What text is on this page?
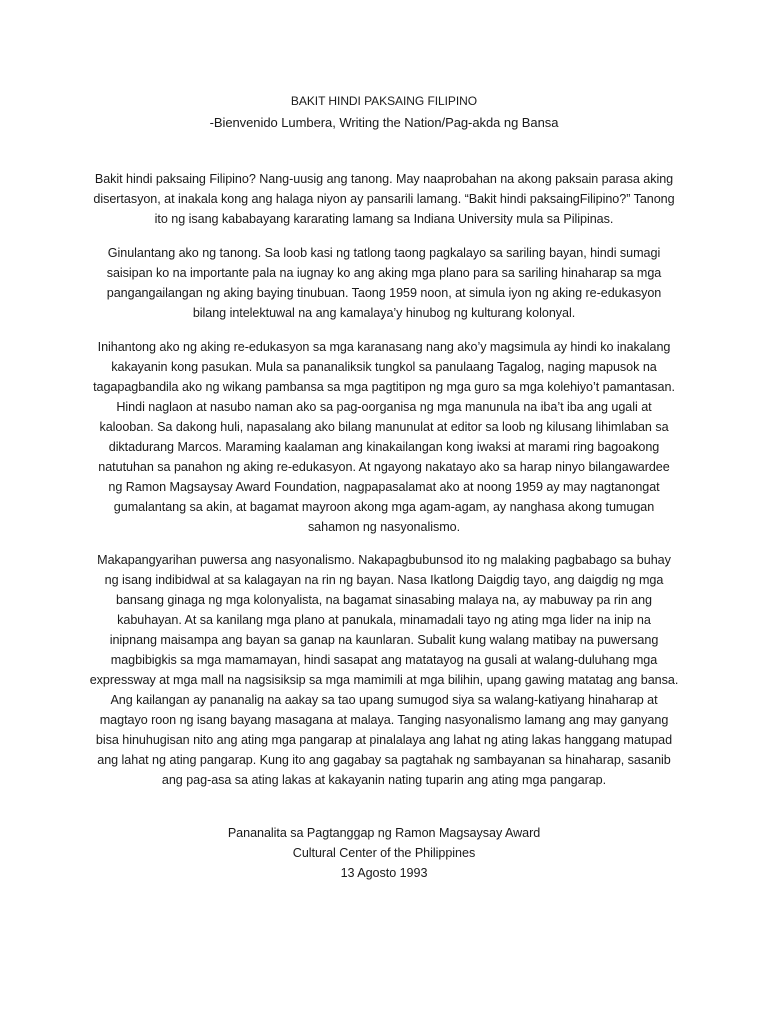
BAKIT HINDI PAKSAING FILIPINO
-Bienvenido Lumbera, Writing the Nation/Pag-akda ng Bansa
Bakit hindi paksaing Filipino? Nang-uusig ang tanong. May naaprobahan na akong paksain parasa aking
disertasyon, at inakala kong ang halaga niyon ay pansarili lamang. “Bakit hindi paksaingFilipino?” Tanong
ito ng isang kababayang kararating lamang sa Indiana University mula sa Pilipinas.
Ginulantang ako ng tanong. Sa loob kasi ng tatlong taong pagkalayo sa sariling bayan, hindi sumagi
saisipan ko na importante pala na iugnay ko ang aking mga plano para sa sariling hinaharap sa mga
pangangailangan ng aking baying tinubuan. Taong 1959 noon, at simula iyon ng aking re-edukasyon
bilang intelektuwal na ang kamalaya’y hinubog ng kulturang kolonyal.
Inihantong ako ng aking re-edukasyon sa mga karanasang nang ako’y magsimula ay hindi ko inakalang
kakayanin kong pasukan. Mula sa pananaliksik tungkol sa panulaang Tagalog, naging mapusok na
tagapagbandila ako ng wikang pambansa sa mga pagtitipon ng mga guro sa mga kolehiyo’t pamantasan.
Hindi naglaon at nasubo naman ako sa pag-oorganisa ng mga manunula na iba’t iba ang ugali at
kalooban. Sa dakong huli, napasalang ako bilang manunulat at editor sa loob ng kilusang lihimlaban sa
diktadurang Marcos. Maraming kaalaman ang kinakailangan kong iwaksi at marami ring bagoakong
natutuhan sa panahon ng aking re-edukasyon. At ngayong nakatayo ako sa harap ninyo bilangawardee
ng Ramon Magsaysay Award Foundation, nagpapasalamat ako at noong 1959 ay may nagtanongat
gumalantang sa akin, at bagamat mayroon akong mga agam-agam, ay nanghasa akong tumugan
sahamon ng nasyonalismo.
Makapangyarihan puwersa ang nasyonalismo. Nakapagbubunsod ito ng malaking pagbabago sa buhay
ng isang indibidwal at sa kalagayan na rin ng bayan. Nasa Ikatlong Daigdig tayo, ang daigdig ng mga
bansang ginaga ng mga kolonyalista, na bagamat sinasabing malaya na, ay mabuway pa rin ang
kabuhayan. At sa kanilang mga plano at panukala, minamadali tayo ng ating mga lider na inip na
inipnang maisampa ang bayan sa ganap na kaunlaran. Subalit kung walang matibay na puwersang
magbibigkis sa mga mamamayan, hindi sasapat ang matatayog na gusali at walang-duluhang mga
expressway at mga mall na nagsisiksip sa mga mamimili at mga bilihin, upang gawing matatag ang bansa.
Ang kailangan ay pananalig na aakay sa tao upang sumugod siya sa walang-katiyang hinaharap at
magtayo roon ng isang bayang masagana at malaya. Tanging nasyonalismo lamang ang may ganyang
bisa hinuhugisan nito ang ating mga pangarap at pinalalaya ang lahat ng ating lakas hanggang matupad
ang lahat ng ating pangarap. Kung ito ang gagabay sa pagtahak ng sambayanan sa hinaharap, sasanib
ang pag-asa sa ating lakas at kakayanin nating tuparin ang ating mga pangarap.
Pananalita sa Pagtanggap ng Ramon Magsaysay Award
Cultural Center of the Philippines
13 Agosto 1993
